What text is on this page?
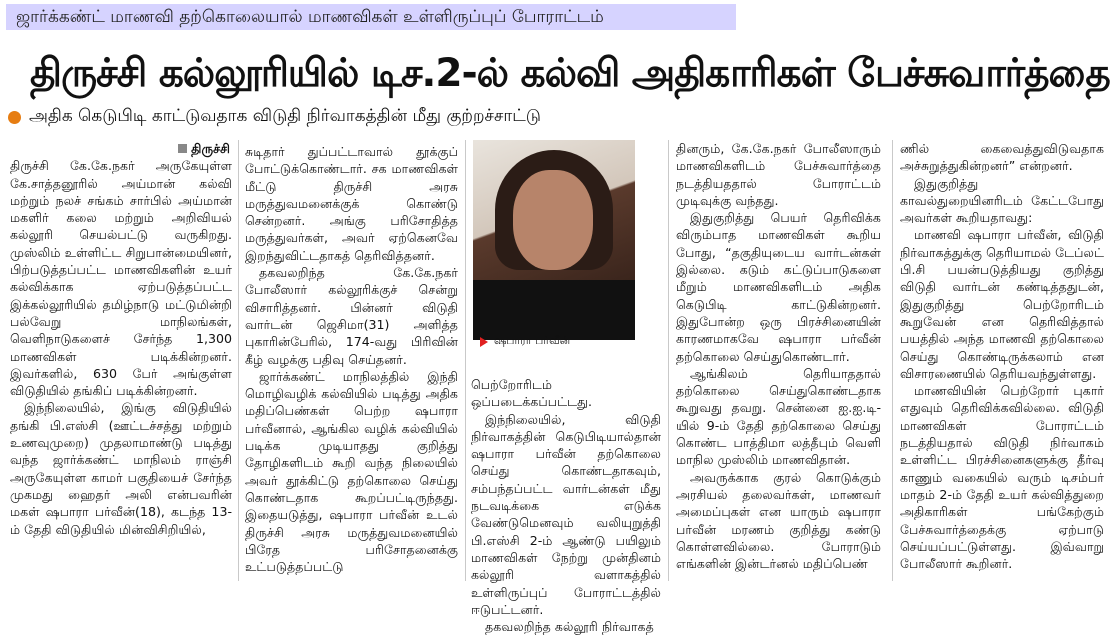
ஜார்க்கண்ட் மாணவி தற்கொலையால் மாணவிகள் உள்ளிருப்புப் போராட்டம்
திருச்சி கல்லூரியில் டிச.2-ல் கல்வி அதிகாரிகள் பேச்சுவார்த்தை
அதிக கெடுபிடி காட்டுவதாக விடுதி நிர்வாகத்தின் மீது குற்றச்சாட்டு
திருச்சி

திருச்சி கே.கே.நகர் அருகேயுள்ள கே.சாத்தனூரில் அய்மான் கல்வி மற்றும் நலச் சங்கம் சார்பில் அய்மான் மகளிர் கலை மற்றும் அறிவியல் கல்லூரி செயல்பட்டு வருகிறது. முஸ்லிம் உள்ளிட்ட சிறுபான்மையினர், பிற்படுத்தப்பட்ட மாணவிகளின் உயர் கல்விக்காக ஏற்படுத்தப்பட்ட இக்கல்லூரியில் தமிழ்நாடு மட்டுமின்றி பல்வேறு மாநிலங்கள், வெளிநாடுகளைச் சேர்ந்த 1,300 மாணவிகள் படிக்கின்றனர். இவர்களில், 630 பேர் அங்குள்ள விடுதியில் தங்கிப் படிக்கின்றனர்.

இந்நிலையில், இங்கு விடுதியில் தங்கி பி.எஸ்சி (ஊட்டச்சத்து மற்றும் உணவுமுறை) முதலாமாண்டு படித்து வந்த ஜார்க்கண்ட் மாநிலம் ராஞ்சி அருகேயுள்ள காமர் பகுதியைச் சேர்ந்த முகமது ஹைதர் அலி என்பவரின் மகள் ஷபாரா பர்வீன்(18), கடந்த 13-ம் தேதி விடுதியில் மின்விசிறியில்,

சுடிதார் துப்பட்டாவால் தூக்குப் போட்டுக்கொண்டார். சக மாணவிகள் மீட்டு திருச்சி அரசு மருத்துவமனைக்குக் கொண்டு சென்றனர். அங்கு பரிசோதித்த மருத்துவர்கள், அவர் ஏற்கெனவே இறந்துவிட்டதாகத் தெரிவித்தனர்.

தகவலறிந்த கே.கே.நகர் போலீஸார் கல்லூரிக்குச் சென்று விசாரித்தனர். பின்னர் விடுதி வார்டன் ஜெசிமா(31) அளித்த புகாரின்பேரில், 174-வது பிரிவின் கீழ் வழக்கு பதிவு செய்தனர்.

ஜார்க்கண்ட் மாநிலத்தில் இந்தி மொழிவழிக் கல்வியில் படித்து அதிக மதிப்பெண்கள் பெற்ற ஷபாரா பர்வீனால், ஆங்கில வழிக் கல்வியில் படிக்க முடியாதது குறித்து தோழிகளிடம் கூறி வந்த நிலையில் அவர் தூக்கிட்டு தற்கொலை செய்து கொண்டதாக கூறப்பட்டிருந்தது. இதையடுத்து, ஷபாரா பர்வீன் உடல் திருச்சி அரசு மருத்துவமனையில் பிரேத பரிசோதனைக்கு உட்படுத்தப்பட்டு

ஷபாரா பர்வீன்

பெற்றோரிடம் ஒப்படைக்கப்பட்டது.

இந்நிலையில், விடுதி நிர்வாகத்தின் கெடுபிடியால்தான் ஷபாரா பர்வீன் தற்கொலை செய்து கொண்டதாகவும், சம்பந்தப்பட்ட வார்டன்கள் மீது நடவடிக்கை எடுக்க வேண்டுமெனவும் வலியுறுத்தி பி.எஸ்சி 2-ம் ஆண்டு பயிலும் மாணவிகள் நேற்று முன்தினம் கல்லூரி வளாகத்தில் உள்ளிருப்புப் போராட்டத்தில் ஈடுபட்டனர்.

தகவலறிந்த கல்லூரி நிர்வாகத்

தினரும், கே.கே.நகர் போலீஸாரும் மாணவிகளிடம் பேச்சுவார்த்தை நடத்தியததால் போராட்டம் முடிவுக்கு வந்தது.

இதுகுறித்து பெயர் தெரிவிக்க விரும்பாத மாணவிகள் கூறிய போது, “தகுதியுடைய வார்டன்கள் இல்லை. கடும் கட்டுப்பாடுகளை மீறும் மாணவிகளிடம் அதிக கெடுபிடி காட்டுகின்றனர். இதுபோன்ற ஒரு பிரச்சினையின் காரணமாகவே ஷபாரா பர்வீன் தற்கொலை செய்துகொண்டார்.

ஆங்கிலம் தெரியாததால் தற்கொலை செய்துகொண்டதாக கூறுவது தவறு. சென்னை ஐ.ஐ.டி-யில் 9-ம் தேதி தற்கொலை செய்து கொண்ட பாத்திமா லத்தீபும் வெளி மாநில முஸ்லிம் மாணவிதான்.

அவருக்காக குரல் கொடுக்கும் அரசியல் தலைவர்கள், மாணவர் அமைப்புகள் என யாரும் ஷபாரா பர்வீன் மரணம் குறித்து கண்டு கொள்ளவில்லை. போராடும் எங்களின் இன்டர்னல் மதிப்பெண்

ணில் கைவைத்துவிடுவதாக அச்சுறுத்துகின்றனர்” என்றனர்.

இதுகுறித்து காவல்துறையினரிடம் கேட்டபோது அவர்கள் கூறியதாவது:

மாணவி ஷபாரா பர்வீன், விடுதி நிர்வாகத்துக்கு தெரியாமல் டேப்லட் பி.சி பயன்படுத்தியது குறித்து விடுதி வார்டன் கண்டித்ததுடன், இதுகுறித்து பெற்றோரிடம் கூறுவேன் என தெரிவித்தால் பயத்தில் அந்த மாணவி தற்கொலை செய்து கொண்டிருக்கலாம் என விசாரணையில் தெரியவந்துள்ளது.

மாணவியின் பெற்றோர் புகார் எதுவும் தெரிவிக்கவில்லை. விடுதி மாணவிகள் போராட்டம் நடத்தியதால் விடுதி நிர்வாகம் உள்ளிட்ட பிரச்சினைகளுக்கு தீர்வு காணும் வகையில் வரும் டிசம்பர் மாதம் 2-ம் தேதி உயர் கல்வித்துறை அதிகாரிகள் பங்கேற்கும் பேச்சுவார்த்தைக்கு ஏற்பாடு செய்யப்பட்டுள்ளது. இவ்வாறு போலீஸார் கூறினர்.
